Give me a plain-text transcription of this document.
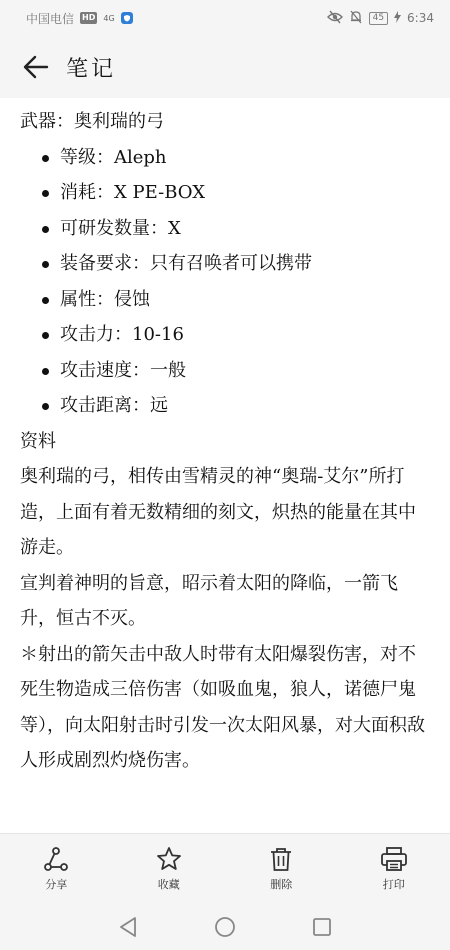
中国电信 HD 4G	45	6:34
笔记

武器：奥利瑞的弓

等级：Aleph
消耗：X PE-BOX
可研发数量：X
装备要求：只有召唤者可以携带
属性：侵蚀
攻击力：10-16
攻击速度：一般
攻击距离：远

资料

奥利瑞的弓，相传由雪精灵的神“奥瑞-艾尔”所打造，上面有着无数精细的刻文，炽热的能量在其中游走。

宣判着神明的旨意，昭示着太阳的降临，一箭飞升，恒古不灭。

＊射出的箭矢击中敌人时带有太阳爆裂伤害，对不死生物造成三倍伤害（如吸血鬼，狼人，诺德尸鬼等），向太阳射击时引发一次太阳风暴，对大面积敌人形成剧烈灼烧伤害。

分享	收藏	删除	打印
